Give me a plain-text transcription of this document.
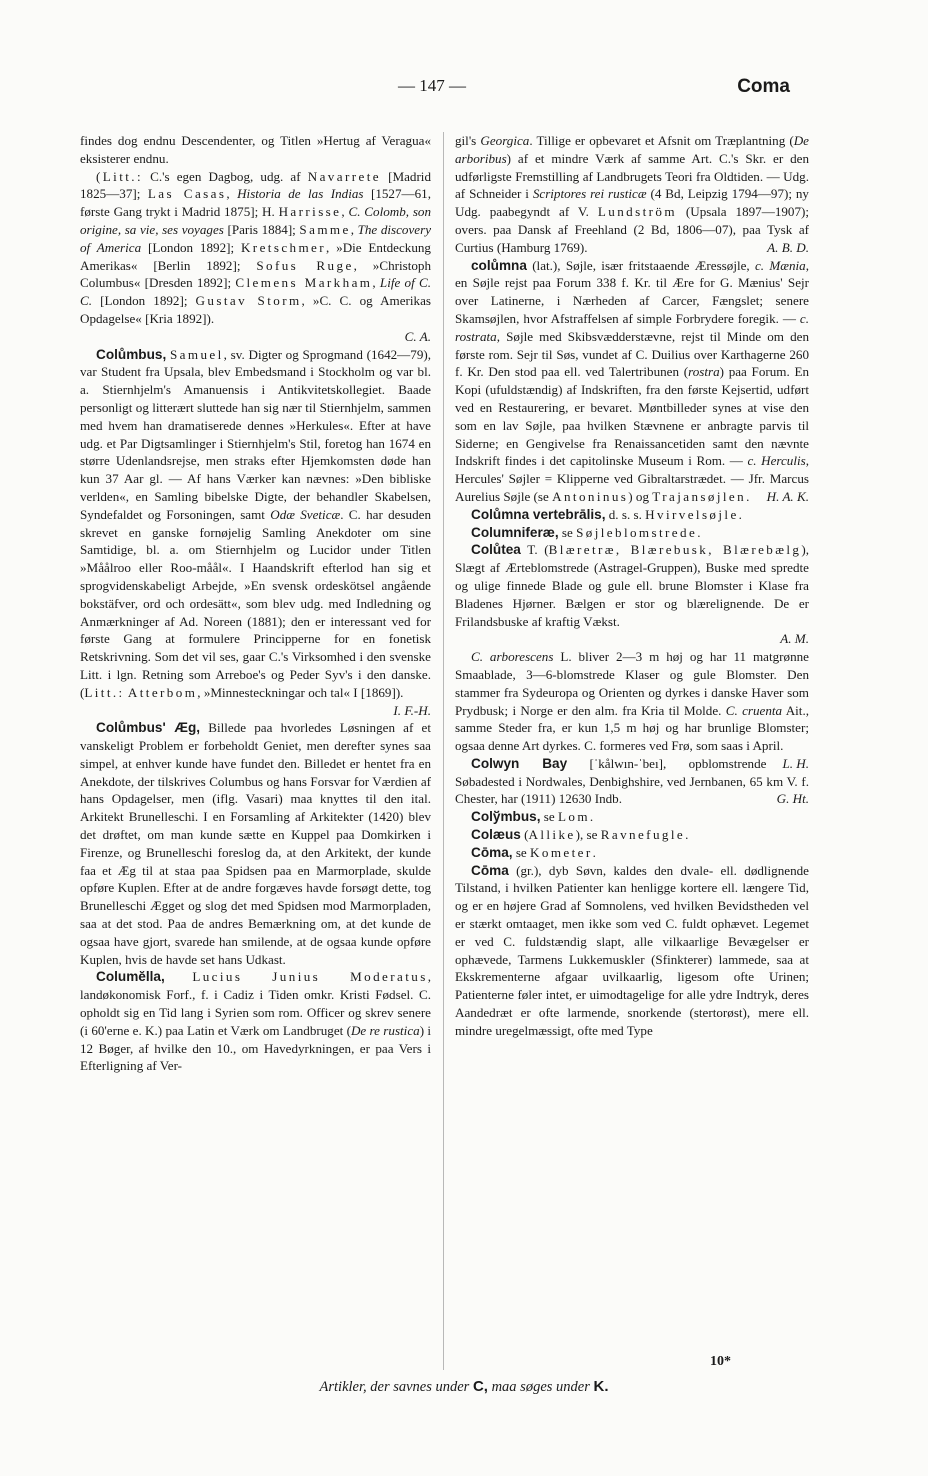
— 147 —	Coma

findes dog endnu Descendenter, og Titlen »Hertug af Veragua« eksisterer endnu.

(Litt.: C.'s egen Dagbog, udg. af Navarrete [Madrid 1825—37]; Las Casas, Historia de las Indias [1527—61, første Gang trykt i Madrid 1875]; H. Harrisse, C. Colomb, son origine, sa vie, ses voyages [Paris 1884]; Samme, The discovery of America [London 1892]; Kretschmer, »Die Entdeckung Amerikas« [Berlin 1892]; Sofus Ruge, »Christoph Columbus« [Dresden 1892]; Clemens Markham, Life of C. C. [London 1892]; Gustav Storm, »C. C. og Amerikas Opdagelse« [Kria 1892]).

C. A.

Colůmbus, Samuel, sv. Digter og Sprogmand (1642—79), var Student fra Upsala, blev Embedsmand i Stockholm og var bl. a. Stiernhjelm's Amanuensis i Antikvitetskollegiet. Baade personligt og litterært sluttede han sig nær til Stiernhjelm, sammen med hvem han dramatiserede dennes »Herkules«. Efter at have udg. et Par Digtsamlinger i Stiernhjelm's Stil, foretog han 1674 en større Udenlandsrejse, men straks efter Hjemkomsten døde han kun 37 Aar gl. — Af hans Værker kan nævnes: »Den bibliske verlden«, en Samling bibelske Digte, der behandler Skabelsen, Syndefaldet og Forsoningen, samt Odæ Sveticæ. C. har desuden skrevet en ganske fornøjelig Samling Anekdoter om sine Samtidige, bl. a. om Stiernhjelm og Lucidor under Titlen »Måålroo eller Roo-måål«. I Haandskrift efterlod han sig et sprogvidenskabeligt Arbejde, »En svensk ordeskötsel angående bokstäfver, ord och ordesätt«, som blev udg. med Indledning og Anmærkninger af Ad. Noreen (1881); den er interessant ved for første Gang at formulere Principperne for en fonetisk Retskrivning. Som det vil ses, gaar C.'s Virksomhed i den svenske Litt. i lgn. Retning som Arreboe's og Peder Syv's i den danske. (Litt.: Atterbom, »Minnesteckningar och tal« I [1869]).

I. F.-H.

Colůmbus' Æg, Billede paa hvorledes Løsningen af et vanskeligt Problem er forbeholdt Geniet, men derefter synes saa simpel, at enhver kunde have fundet den. Billedet er hentet fra en Anekdote, der tilskrives Columbus og hans Forsvar for Værdien af hans Opdagelser, men (iflg. Vasari) maa knyttes til den ital. Arkitekt Brunelleschi. I en Forsamling af Arkitekter (1420) blev det drøftet, om man kunde sætte en Kuppel paa Domkirken i Firenze, og Brunelleschi foreslog da, at den Arkitekt, der kunde faa et Æg til at staa paa Spidsen paa en Marmorplade, skulde opføre Kuplen. Efter at de andre forgæves havde forsøgt dette, tog Brunelleschi Ægget og slog det med Spidsen mod Marmorpladen, saa at det stod. Paa de andres Bemærkning om, at det kunde de ogsaa have gjort, svarede han smilende, at de ogsaa kunde opføre Kuplen, hvis de havde set hans Udkast.

Columĕlla, Lucius Junius Moderatus, landøkonomisk Forf., f. i Cadiz i Tiden omkr. Kristi Fødsel. C. opholdt sig en Tid lang i Syrien som rom. Officer og skrev senere (i 60'erne e. K.) paa Latin et Værk om Landbruget (De re rustica) i 12 Bøger, af hvilke den 10., om Havedyrkningen, er paa Vers i Efterligning af Ver-

gil's Georgica. Tillige er opbevaret et Afsnit om Træplantning (De arboribus) af et mindre Værk af samme Art. C.'s Skr. er den udførligste Fremstilling af Landbrugets Teori fra Oldtiden. — Udg. af Schneider i Scriptores rei rusticæ (4 Bd, Leipzig 1794—97); ny Udg. paabegyndt af V. Lundström (Upsala 1897—1907); overs. paa Dansk af Freehland (2 Bd, 1806—07), paa Tysk af Curtius (Hamburg 1769).	A. B. D.

colůmna (lat.), Søjle, især fritstaaende Æressøjle, c. Mænia, en Søjle rejst paa Forum 338 f. Kr. til Ære for G. Mænius' Sejr over Latinerne, i Nærheden af Carcer, Fængslet; senere Skamsøjlen, hvor Afstraffelsen af simple Forbrydere foregik. — c. rostrata, Søjle med Skibsvædderstævne, rejst til Minde om den første rom. Sejr til Søs, vundet af C. Duilius over Karthagerne 260 f. Kr. Den stod paa ell. ved Talertribunen (rostra) paa Forum. En Kopi (ufuldstændig) af Indskriften, fra den første Kejsertid, udført ved en Restaurering, er bevaret. Møntbilleder synes at vise den som en lav Søjle, paa hvilken Stævnene er anbragte parvis til Siderne; en Gengivelse fra Renaissancetiden samt den nævnte Indskrift findes i det capitolinske Museum i Rom. — c. Herculis, Hercules' Søjler = Klipperne ved Gibraltarstrædet. — Jfr. Marcus Aurelius Søjle (se Antoninus) og Trajansøjlen.	H. A. K.

Colůmna vertebrālis, d. s. s. Hvirvelsøjle.

Columniferæ, se Søjleblomstrede.

Colůtea T. (Blæretræ, Blærebusk, Blærebælg), Slægt af Ærteblomstrede (Astragel-Gruppen), Buske med spredte og ulige finnede Blade og gule ell. brune Blomster i Klase fra Bladenes Hjørner. Bælgen er stor og blærelignende. De er Frilandsbuske af kraftig Vækst.

A. M.

C. arborescens L. bliver 2—3 m høj og har 11 matgrønne Smaablade, 3—6-blomstrede Klaser og gule Blomster. Den stammer fra Sydeuropa og Orienten og dyrkes i danske Haver som Prydbusk; i Norge er den alm. fra Kria til Molde. C. cruenta Ait., samme Steder fra, er kun 1,5 m høj og har brunlige Blomster; ogsaa denne Art dyrkes. C. formeres ved Frø, som saas i April.
L. H.

Colwyn Bay [ˈkålwın-ˈbeı], opblomstrende Søbadested i Nordwales, Denbighshire, ved Jernbanen, 65 km V. f. Chester, har (1911) 12630 Indb.	G. Ht.

Colўmbus, se Lom.

Colæus (Allike), se Ravnefugle.

Cōma, se Kometer.

Cōma (gr.), dyb Søvn, kaldes den dvale- ell. dødlignende Tilstand, i hvilken Patienter kan henligge kortere ell. længere Tid, og er en højere Grad af Somnolens, ved hvilken Bevidstheden vel er stærkt omtaaget, men ikke som ved C. fuldt ophævet. Legemet er ved C. fuldstændig slapt, alle vilkaarlige Bevægelser er ophævede, Tarmens Lukkemuskler (Sfinkterer) lammede, saa at Ekskrementerne afgaar uvilkaarlig, ligesom ofte Urinen; Patienterne føler intet, er uimodtagelige for alle ydre Indtryk, deres Aandedræt er ofte larmende, snorkende (stertorøst), mere ell. mindre uregelmæssigt, ofte med Type

10*
Artikler, der savnes under C, maa søges under K.
